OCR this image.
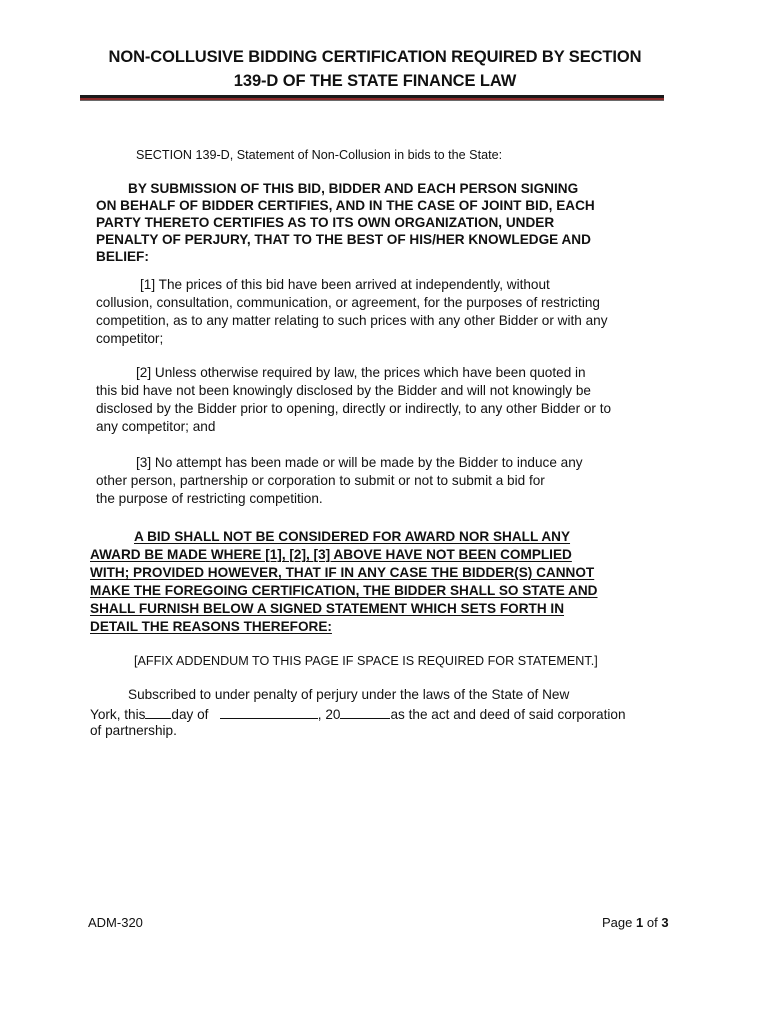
NON-COLLUSIVE BIDDING CERTIFICATION REQUIRED BY SECTION
139-D OF THE STATE FINANCE LAW
SECTION 139-D, Statement of Non-Collusion in bids to the State:
BY SUBMISSION OF THIS BID, BIDDER AND EACH PERSON SIGNING
ON BEHALF OF BIDDER CERTIFIES, AND IN THE CASE OF JOINT BID, EACH
PARTY THERETO CERTIFIES AS TO ITS OWN ORGANIZATION, UNDER
PENALTY OF PERJURY, THAT TO THE BEST OF HIS/HER KNOWLEDGE AND
BELIEF:
[1] The prices of this bid have been arrived at independently, without
collusion, consultation, communication, or agreement, for the purposes of restricting
competition, as to any matter relating to such prices with any other Bidder or with any
competitor;
[2] Unless otherwise required by law, the prices which have been quoted in
this bid have not been knowingly disclosed by the Bidder and will not knowingly be
disclosed by the Bidder prior to opening, directly or indirectly, to any other Bidder or to
any competitor; and
[3] No attempt has been made or will be made by the Bidder to induce any
other person, partnership or corporation to submit or not to submit a bid for
the purpose of restricting competition.
A BID SHALL NOT BE CONSIDERED FOR AWARD NOR SHALL ANY
AWARD BE MADE WHERE [1], [2], [3] ABOVE HAVE NOT BEEN COMPLIED
WITH; PROVIDED HOWEVER, THAT IF IN ANY CASE THE BIDDER(S) CANNOT
MAKE THE FOREGOING CERTIFICATION, THE BIDDER SHALL SO STATE AND
SHALL FURNISH BELOW A SIGNED STATEMENT WHICH SETS FORTH IN
DETAIL THE REASONS THEREFORE:
[AFFIX ADDENDUM TO THIS PAGE IF SPACE IS REQUIRED FOR STATEMENT.]
Subscribed to under penalty of perjury under the laws of the State of New
York, this day of	, 20	as the act and deed of said corporation
of partnership.
ADM-320	Page 1 of 3
